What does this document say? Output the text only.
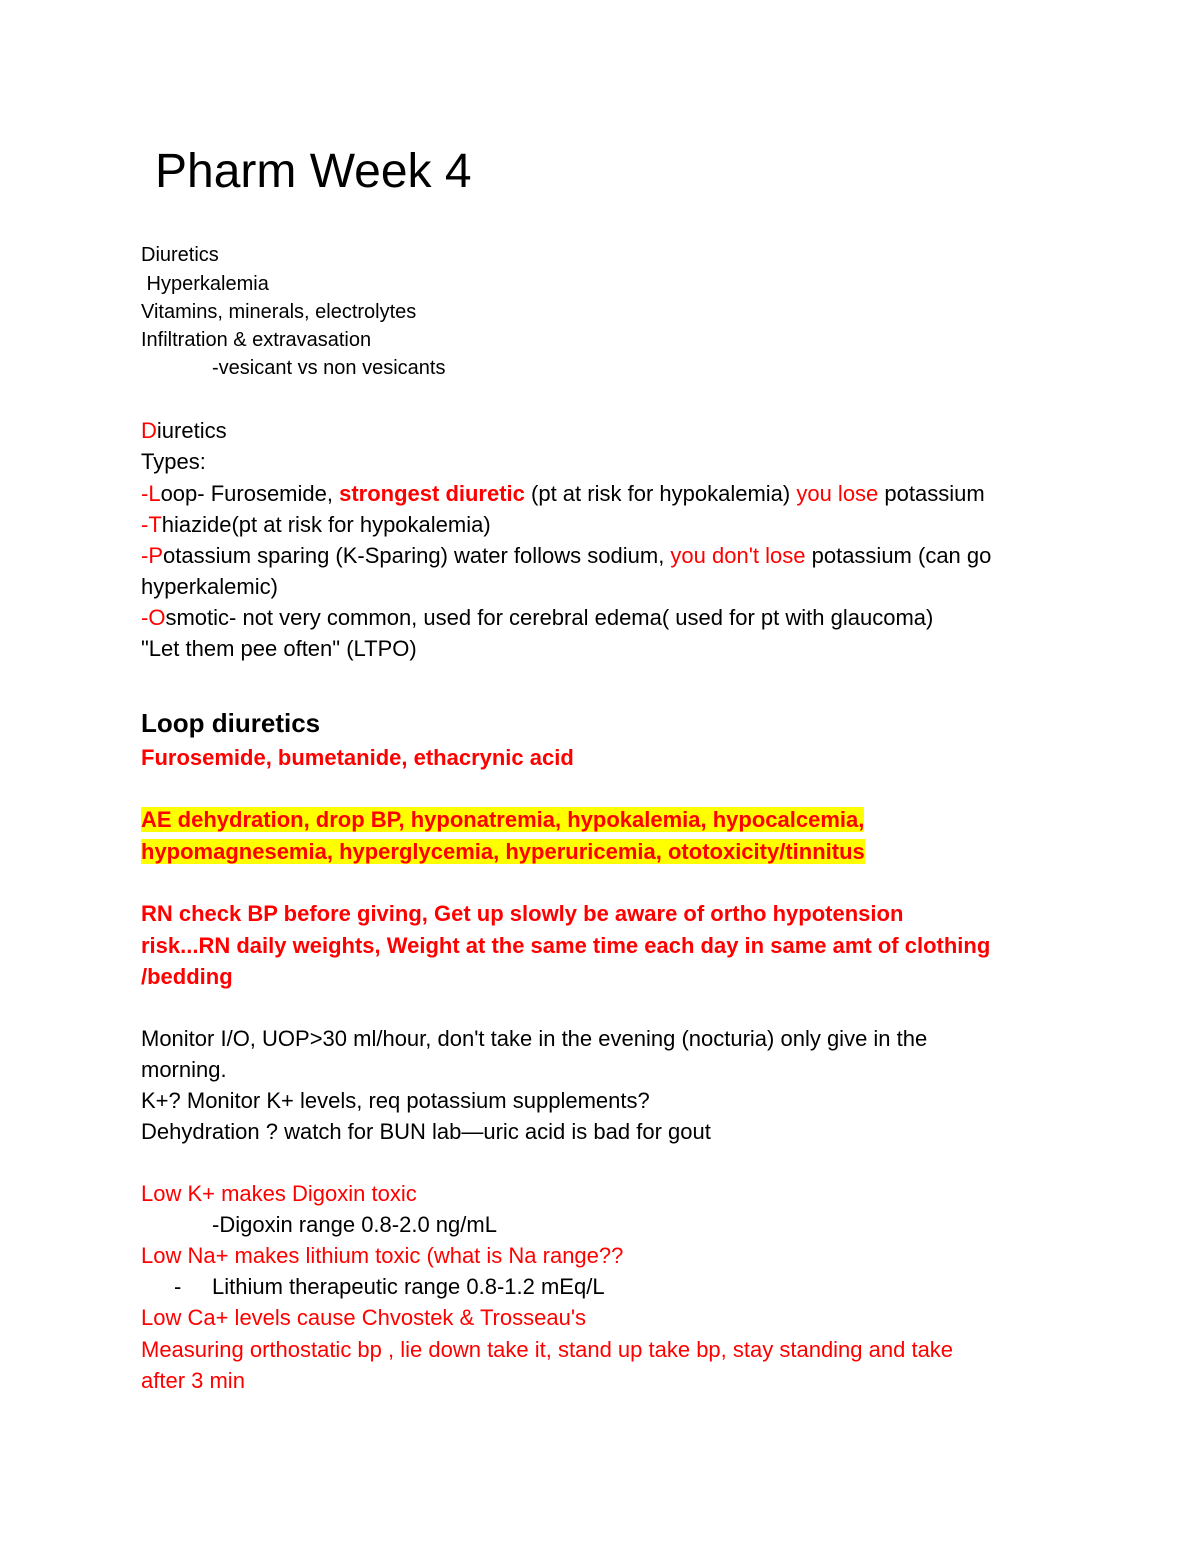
Pharm Week 4
Diuretics
Hyperkalemia
Vitamins, minerals, electrolytes
Infiltration & extravasation
-vesicant vs non vesicants
Diuretics
Types:
-Loop- Furosemide, strongest diuretic (pt at risk for hypokalemia) you lose potassium
-Thiazide(pt at risk for hypokalemia)
-Potassium sparing (K-Sparing) water follows sodium, you don't lose potassium (can go
hyperkalemic)
-Osmotic- not very common, used for cerebral edema( used for pt with glaucoma)
"Let them pee often" (LTPO)
Loop diuretics
Furosemide, bumetanide, ethacrynic acid
AE dehydration, drop BP, hyponatremia, hypokalemia, hypocalcemia,
hypomagnesemia, hyperglycemia, hyperuricemia, ototoxicity/tinnitus
RN check BP before giving, Get up slowly be aware of ortho hypotension
risk...RN daily weights, Weight at the same time each day in same amt of clothing
/bedding
Monitor I/O, UOP>30 ml/hour, don't take in the evening (nocturia) only give in the
morning.
K+? Monitor K+ levels, req potassium supplements?
Dehydration ? watch for BUN lab—uric acid is bad for gout
Low K+ makes Digoxin toxic
-Digoxin range 0.8-2.0 ng/mL
Low Na+ makes lithium toxic (what is Na range??
- Lithium therapeutic range 0.8-1.2 mEq/L
Low Ca+ levels cause Chvostek & Trosseau's
Measuring orthostatic bp , lie down take it, stand up take bp, stay standing and take
after 3 min
